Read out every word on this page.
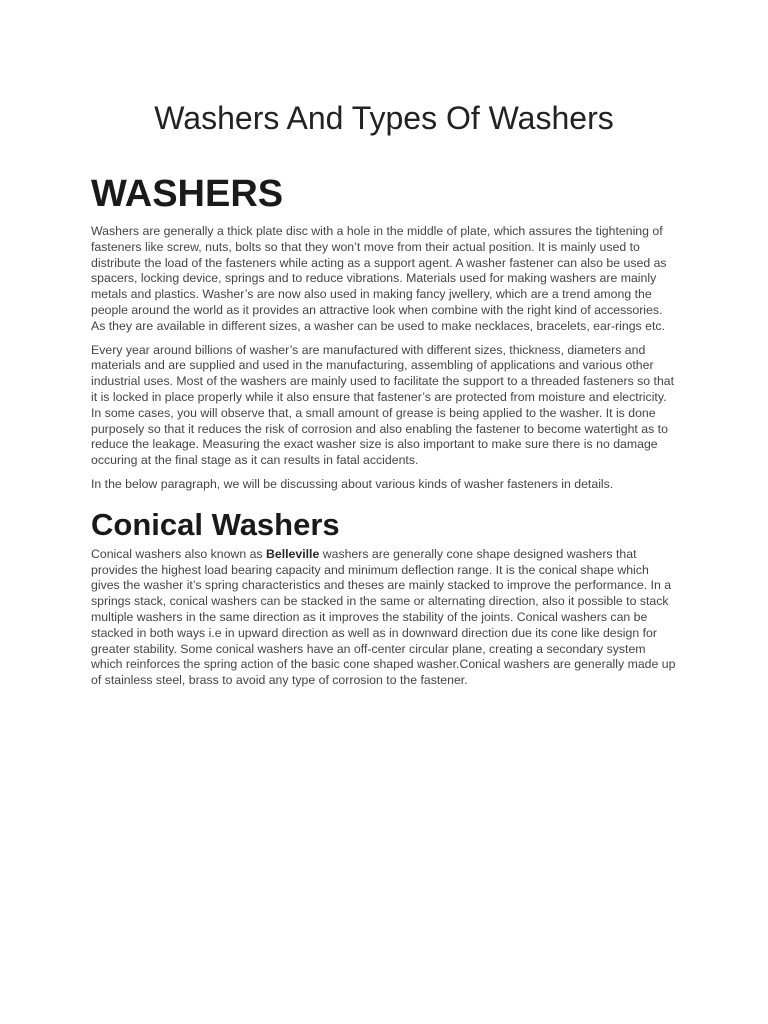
Washers And Types Of Washers
WASHERS

Washers are generally a thick plate disc with a hole in the middle of plate, which assures the tightening of fasteners like screw, nuts, bolts so that they won’t move from their actual position. It is mainly used to distribute the load of the fasteners while acting as a support agent. A washer fastener can also be used as spacers, locking device, springs and to reduce vibrations. Materials used for making washers are mainly metals and plastics. Washer’s are now also used in making fancy jwellery, which are a trend among the people around the world as it provides an attractive look when combine with the right kind of accessories. As they are available in different sizes, a washer can be used to make necklaces, bracelets, ear-rings etc.

Every year around billions of washer’s are manufactured with different sizes, thickness, diameters and materials and are supplied and used in the manufacturing, assembling of applications and various other industrial uses. Most of the washers are mainly used to facilitate the support to a threaded fasteners so that it is locked in place properly while it also ensure that fastener’s are protected from moisture and electricity. In some cases, you will observe that, a small amount of grease is being applied to the washer. It is done purposely so that it reduces the risk of corrosion and also enabling the fastener to become watertight as to reduce the leakage. Measuring the exact washer size is also important to make sure there is no damage occuring at the final stage as it can results in fatal accidents.

In the below paragraph, we will be discussing about various kinds of washer fasteners in details.

Conical Washers

Conical washers also known as Belleville washers are generally cone shape designed washers that provides the highest load bearing capacity and minimum deflection range. It is the conical shape which gives the washer it’s spring characteristics and theses are mainly stacked to improve the performance. In a springs stack, conical washers can be stacked in the same or alternating direction, also it possible to stack multiple washers in the same direction as it improves the stability of the joints. Conical washers can be stacked in both ways i.e in upward direction as well as in downward direction due its cone like design for greater stability. Some conical washers have an off-center circular plane, creating a secondary system which reinforces the spring action of the basic cone shaped washer.Conical washers are generally made up of stainless steel, brass to avoid any type of corrosion to the fastener.
